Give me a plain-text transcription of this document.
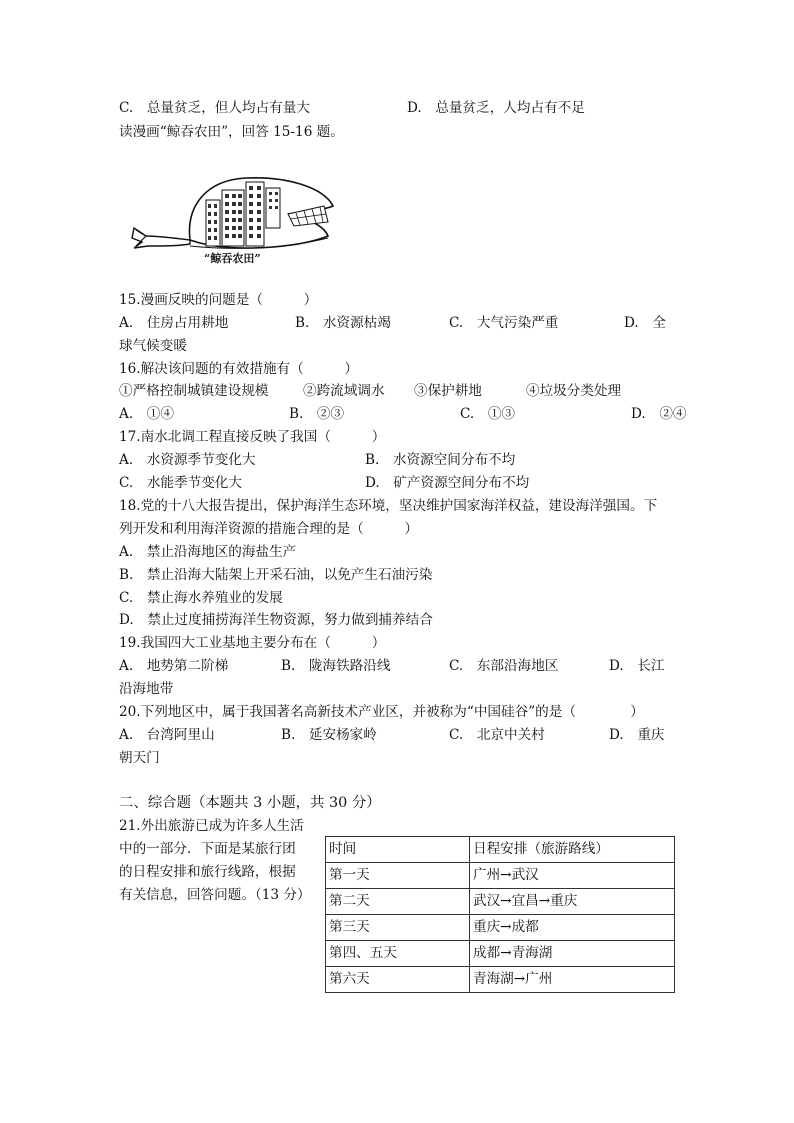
C.　总量贫乏，但人均占有量大	D.　总量贫乏，人均占有不足
读漫画“鲸吞农田”，回答 15-16 题。
“鲸吞农田”
15.漫画反映的问题是（　　　）
A.　住房占用耕地	B.　水资源枯竭	C.　大气污染严重	D.　全
球气候变暖
16.解决该问题的有效措施有（　　　）
①严格控制城镇建设规模	②跨流域调水 ③保护耕地	④垃圾分类处理
A.　①④	B.　②③	C.　①③	D.　②④
17.南水北调工程直接反映了我国（　　　）
A.　水资源季节变化大	B.　水资源空间分布不均
C.　水能季节变化大	D.　矿产资源空间分布不均
18.党的十八大报告提出，保护海洋生态环境，坚决维护国家海洋权益，建设海洋强国。下
列开发和利用海洋资源的措施合理的是（　　　）
A.　禁止沿海地区的海盐生产
B.　禁止沿海大陆架上开采石油，以免产生石油污染
C.　禁止海水养殖业的发展
D.　禁止过度捕捞海洋生物资源，努力做到捕养结合
19.我国四大工业基地主要分布在（　　　）
A.　地势第二阶梯	B.　陇海铁路沿线	C.　东部沿海地区	D.　长江
沿海地带
20.下列地区中，属于我国著名高新技术产业区，并被称为“中国硅谷”的是（　　　　）
A.　台湾阿里山	B.　延安杨家岭	C.　北京中关村	D.　重庆
朝天门
二、综合题（本题共 3 小题，共 30 分）
21.外出旅游已成为许多人生活
中的一部分．下面是某旅行团
的日程安排和旅行线路，根据
有关信息，回答问题。（13 分）
时间	日程安排（旅游路线）
第一天	广州→武汉
第二天	武汉→宜昌→重庆
第三天	重庆→成都
第四、五天	成都→青海湖
第六天	青海湖→广州
